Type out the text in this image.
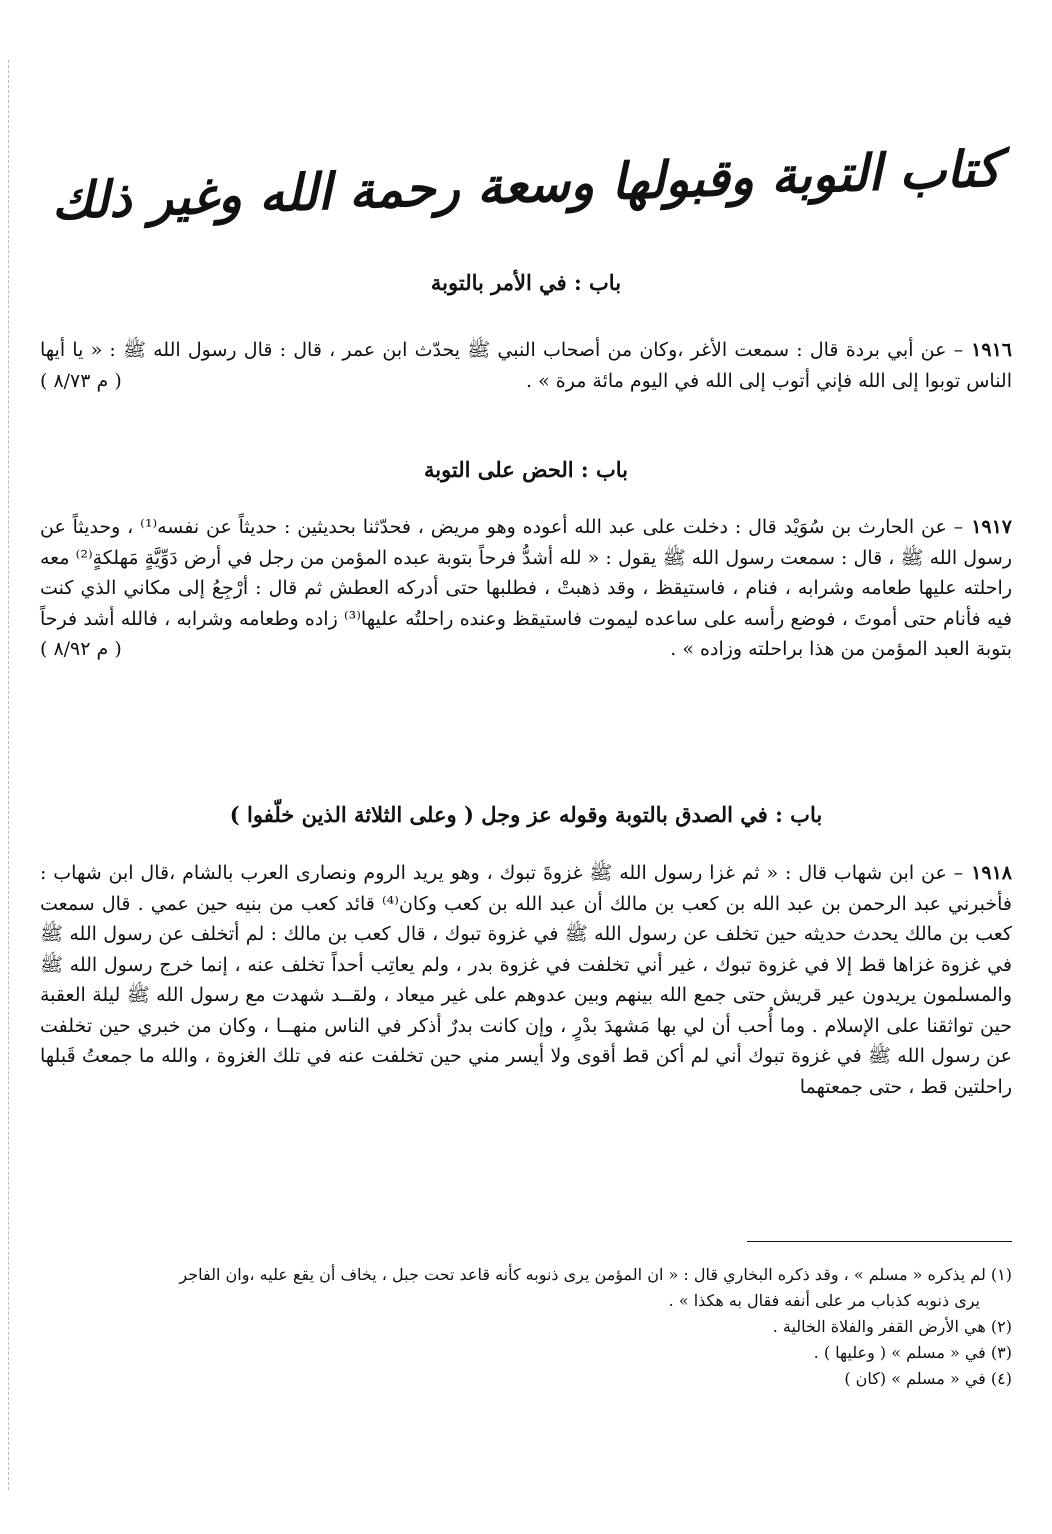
كتاب التوبة وقبولها وسعة رحمة الله وغير ذلك
باب : في الأمر بالتوبة
١٩١٦– عن أبي بردة قال : سمعت الأغر ،وكان من أصحاب النبي ﷺ يحدّث ابن عمر ، قال : قال رسول الله ﷺ : « يا أيها الناس توبوا إلى الله فإني أتوب إلى الله في اليوم مائة مرة » .
( م ٨/٧٣ )
باب : الحض على التوبة
١٩١٧– عن الحارث بن سُوَيْد قال : دخلت على عبد الله أعوده وهو مريض ، فحدّثنا بحديثين : حديثاً عن نفسه⁽¹⁾ ، وحديثاً عن رسول الله ﷺ ، قال : سمعت رسول الله ﷺ يقول : « لله أشدُّ فرحاً بتوبة عبده المؤمن من رجل في أرض دَوِّيَّةٍ مَهلكةٍ⁽²⁾ معه راحلته عليها طعامه وشرابه ، فنام ، فاستيقظ ، وقد ذهبتْ ، فطلبها حتى أدركه العطش ثم قال : أرْجِعُ إلى مكاني الذي كنت فيه فأنام حتى أموتَ ، فوضع رأسه على ساعده ليموت فاستيقظ وعنده راحلتُه عليها⁽³⁾ زاده وطعامه وشرابه ، فالله أشد فرحاً بتوبة العبد المؤمن من هذا براحلته وزاده » .
( م ٨/٩٢ )
باب : في الصدق بالتوبة وقوله عز وجل ( وعلى الثلاثة الذين خلّفوا )
١٩١٨– عن ابن شهاب قال : « ثم غزا رسول الله ﷺ غزوةَ تبوك ، وهو يريد الروم ونصارى العرب بالشام ،قال ابن شهاب : فأخبرني عبد الرحمن بن عبد الله بن كعب بن مالك أن عبد الله بن كعب وكان⁽⁴⁾ قائد كعب من بنيه حين عمي . قال سمعت كعب بن مالك يحدث حديثه حين تخلف عن رسول الله ﷺ في غزوة تبوك ، قال كعب بن مالك : لم أتخلف عن رسول الله ﷺ في غزوة غزاها قط إلا في غزوة تبوك ، غير أني تخلفت في غزوة بدر ، ولم يعاتِب أحداً تخلف عنه ، إنما خرج رسول الله ﷺ والمسلمون يريدون عير قريش حتى جمع الله بينهم وبين عدوهم على غير ميعاد ، ولقــد شهدت مع رسول الله ﷺ ليلة العقبة حين تواثقنا على الإسلام . وما أُحب أن لي بها مَشهدَ بدْرٍ ، وإن كانت بدرٌ أذكر في الناس منهــا ، وكان من خبري حين تخلفت عن رسول الله ﷺ في غزوة تبوك أني لم أكن قط أقوى ولا أيسر مني حين تخلفت عنه في تلك الغزوة ، والله ما جمعتُ قَبلها راحلتين قط ، حتى جمعتهما
(١) لم يذكره « مسلم » ، وقد ذكره البخاري قال : « ان المؤمن يرى ذنوبه كأنه قاعد تحت جبل ، يخاف أن يقع عليه ،وان الفاجر
يرى ذنوبه كذباب مر على أنفه فقال به هكذا » .
(٢) هي الأرض القفر والفلاة الخالية .
(٣) في « مسلم » ( وعليها ) .
(٤) في « مسلم » (كان )
